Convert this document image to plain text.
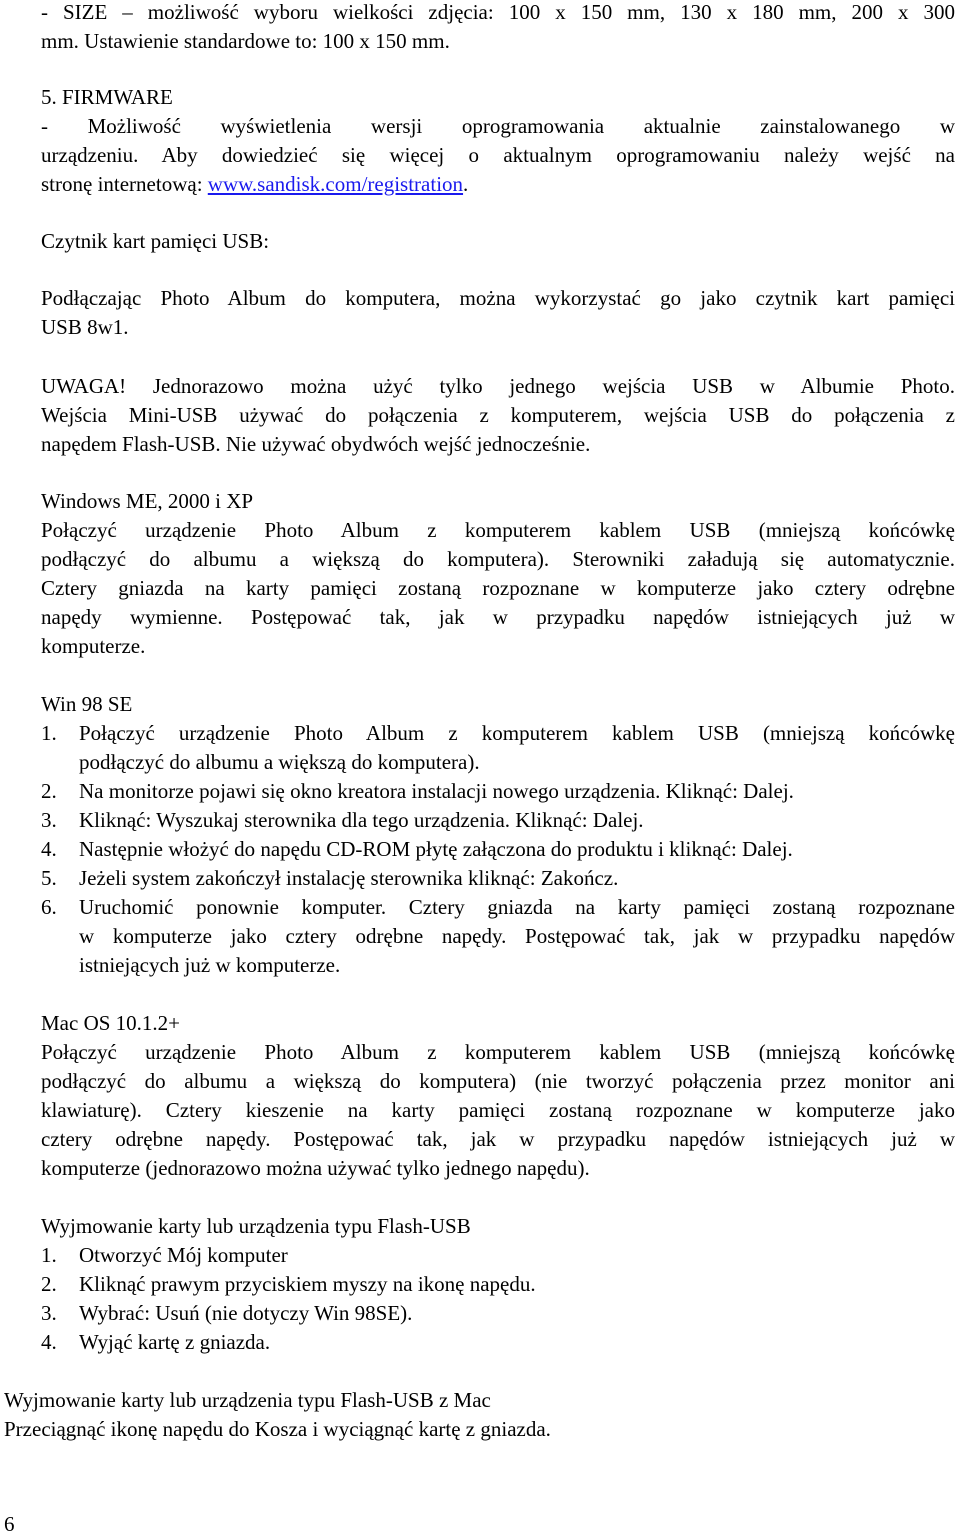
- SIZE – możliwość wyboru wielkości zdjęcia: 100 x 150 mm, 130 x 180 mm, 200 x 300
mm. Ustawienie standardowe to: 100 x 150 mm.
5. FIRMWARE
- Możliwość wyświetlenia wersji oprogramowania aktualnie zainstalowanego w
urządzeniu. Aby dowiedzieć się więcej o aktualnym oprogramowaniu należy wejść na
stronę internetową: www.sandisk.com/registration.
Czytnik kart pamięci USB:
Podłączając Photo Album do komputera, można wykorzystać go jako czytnik kart pamięci
USB 8w1.
UWAGA! Jednorazowo można użyć tylko jednego wejścia USB w Albumie Photo.
Wejścia Mini-USB używać do połączenia z komputerem, wejścia USB do połączenia z
napędem Flash-USB. Nie używać obydwóch wejść jednocześnie.
Windows ME, 2000 i XP
Połączyć urządzenie Photo Album z komputerem kablem USB (mniejszą końcówkę
podłączyć do albumu a większą do komputera). Sterowniki załadują się automatycznie.
Cztery gniazda na karty pamięci zostaną rozpoznane w komputerze jako cztery odrębne
napędy wymienne. Postępować tak, jak w przypadku napędów istniejących już w
komputerze.
Win 98 SE
1.	Połączyć urządzenie Photo Album z komputerem kablem USB (mniejszą końcówkę
podłączyć do albumu a większą do komputera).
2.	Na monitorze pojawi się okno kreatora instalacji nowego urządzenia. Kliknąć: Dalej.
3.	Kliknąć: Wyszukaj sterownika dla tego urządzenia. Kliknąć: Dalej.
4.	Następnie włożyć do napędu CD-ROM płytę załączona do produktu i kliknąć: Dalej.
5.	Jeżeli system zakończył instalację sterownika kliknąć: Zakończ.
6.	Uruchomić ponownie komputer. Cztery gniazda na karty pamięci zostaną rozpoznane
w komputerze jako cztery odrębne napędy. Postępować tak, jak w przypadku napędów
istniejących już w komputerze.
Mac OS 10.1.2+
Połączyć urządzenie Photo Album z komputerem kablem USB (mniejszą końcówkę
podłączyć do albumu a większą do komputera) (nie tworzyć połączenia przez monitor ani
klawiaturę). Cztery kieszenie na karty pamięci zostaną rozpoznane w komputerze jako
cztery odrębne napędy. Postępować tak, jak w przypadku napędów istniejących już w
komputerze (jednorazowo można używać tylko jednego napędu).
Wyjmowanie karty lub urządzenia typu Flash-USB
1. Otworzyć Mój komputer
2. Kliknąć prawym przyciskiem myszy na ikonę napędu.
3. Wybrać: Usuń (nie dotyczy Win 98SE).
4. Wyjąć kartę z gniazda.
Wyjmowanie karty lub urządzenia typu Flash-USB z Mac
Przeciągnąć ikonę napędu do Kosza i wyciągnąć kartę z gniazda.
6
